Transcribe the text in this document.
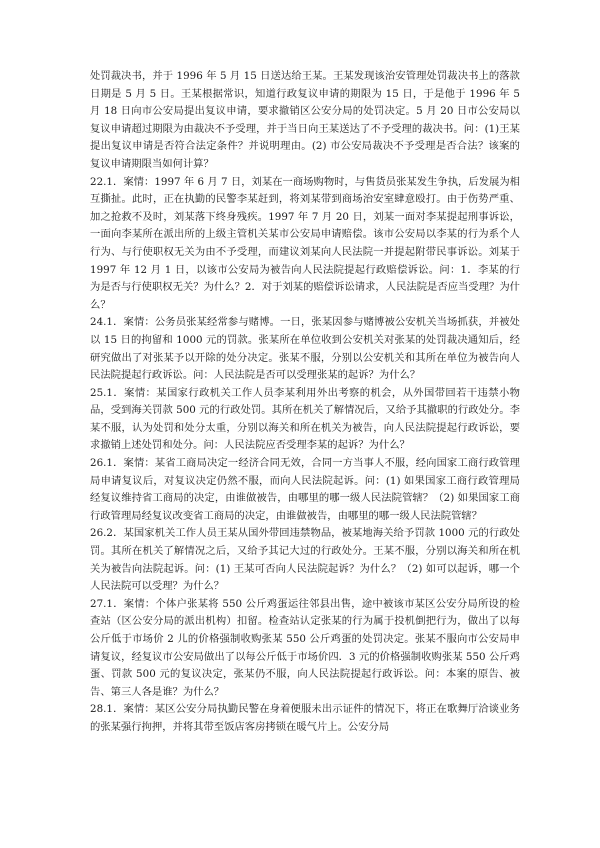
处罚裁决书，并于 1996 年 5 月 15 日送达给王某。王某发现该治安管理处罚裁决书上的落款日期是 5 月 5 日。王某根据常识，知道行政复议申请的期限为 15 日，于是他于 1996 年 5 月 18 日向市公安局提出复议申请，要求撤销区公安分局的处罚决定。5 月 20 日市公安局以复议申请超过期限为由裁决不予受理，并于当日向王某送达了不予受理的裁决书。问：(1)王某提出复议申请是否符合法定条件？并说明理由。(2) 市公安局裁决不予受理是否合法？该案的复议申请期限当如何计算？

22.1．案情：1997 年 6 月 7 日，刘某在一商场购物时，与售货员张某发生争执，后发展为相互撕扯。此时，正在执勤的民警李某赶到，将刘某带到商场治安室肆意殴打。由于伤势严重、加之抢救不及时，刘某落下终身残疾。1997 年 7 月 20 日，刘某一面对李某提起刑事诉讼，一面向李某所在派出所的上级主管机关某市公安局申请赔偿。该市公安局以李某的行为系个人行为、与行使职权无关为由不予受理，而建议刘某向人民法院一并提起附带民事诉讼。刘某于 1997 年 12 月 1 日，以该市公安局为被告向人民法院提起行政赔偿诉讼。问：1．李某的行为是否与行使职权无关？为什么？2．对于刘某的赔偿诉讼请求，人民法院是否应当受理？为什么？

24.1．案情：公务员张某经常参与赌博。一日，张某因参与赌博被公安机关当场抓获，并被处以 15 日的拘留和 1000 元的罚款。张某所在单位收到公安机关对张某的处罚裁决通知后，经研究做出了对张某予以开除的处分决定。张某不服，分别以公安机关和其所在单位为被告向人民法院提起行政诉讼。问：人民法院是否可以受理张某的起诉？为什么？

25.1．案情：某国家行政机关工作人员李某利用外出考察的机会，从外国带回若干违禁小物品，受到海关罚款 500 元的行政处罚。其所在机关了解情况后，又给予其撤职的行政处分。李某不服，认为处罚和处分太重，分别以海关和所在机关为被告，向人民法院提起行政诉讼，要求撤销上述处罚和处分。问：人民法院应否受理李某的起诉？为什么？

26.1．案情：某省工商局决定一经济合同无效，合同一方当事人不服，经向国家工商行政管理局申请复议后，对复议决定仍然不服，而向人民法院起诉。问：(1) 如果国家工商行政管理局经复议维持省工商局的决定，由谁做被告，由哪里的哪一级人民法院管辖？（2) 如果国家工商行政管理局经复议改变省工商局的决定，由谁做被告，由哪里的哪一级人民法院管辖？

26.2．某国家机关工作人员王某从国外带回违禁物品，被某地海关给予罚款 1000 元的行政处罚。其所在机关了解情况之后，又给予其记大过的行政处分。王某不服，分别以海关和所在机关为被告向法院起诉。问：(1) 王某可否向人民法院起诉？为什么？（2) 如可以起诉，哪一个人民法院可以受理？为什么？

27.1．案情：个体户张某将 550 公斤鸡蛋运往邻县出售，途中被该市某区公安分局所设的检查站（区公安分局的派出机构）扣留。检查站认定张某的行为属于投机倒把行为，做出了以每公斤低于市场价 2 儿的价格强制收购张某 550 公斤鸡蛋的处罚决定。张某不服向市公安局申请复议，经复议市公安局做出了以每公斤低于市场价四．3 元的价格强制收购张某 550 公斤鸡蛋、罚款 500 元的复议决定，张某仍不服，向人民法院提起行政诉讼。问：本案的原告、被告、第三人各是谁？为什么？

28.1．案情：某区公安分局执勤民警在身着便服未出示证件的情况下，将正在歌舞厅洽谈业务的张某强行拘押，并将其带至饭店客房拷锁在暖气片上。公安分局
